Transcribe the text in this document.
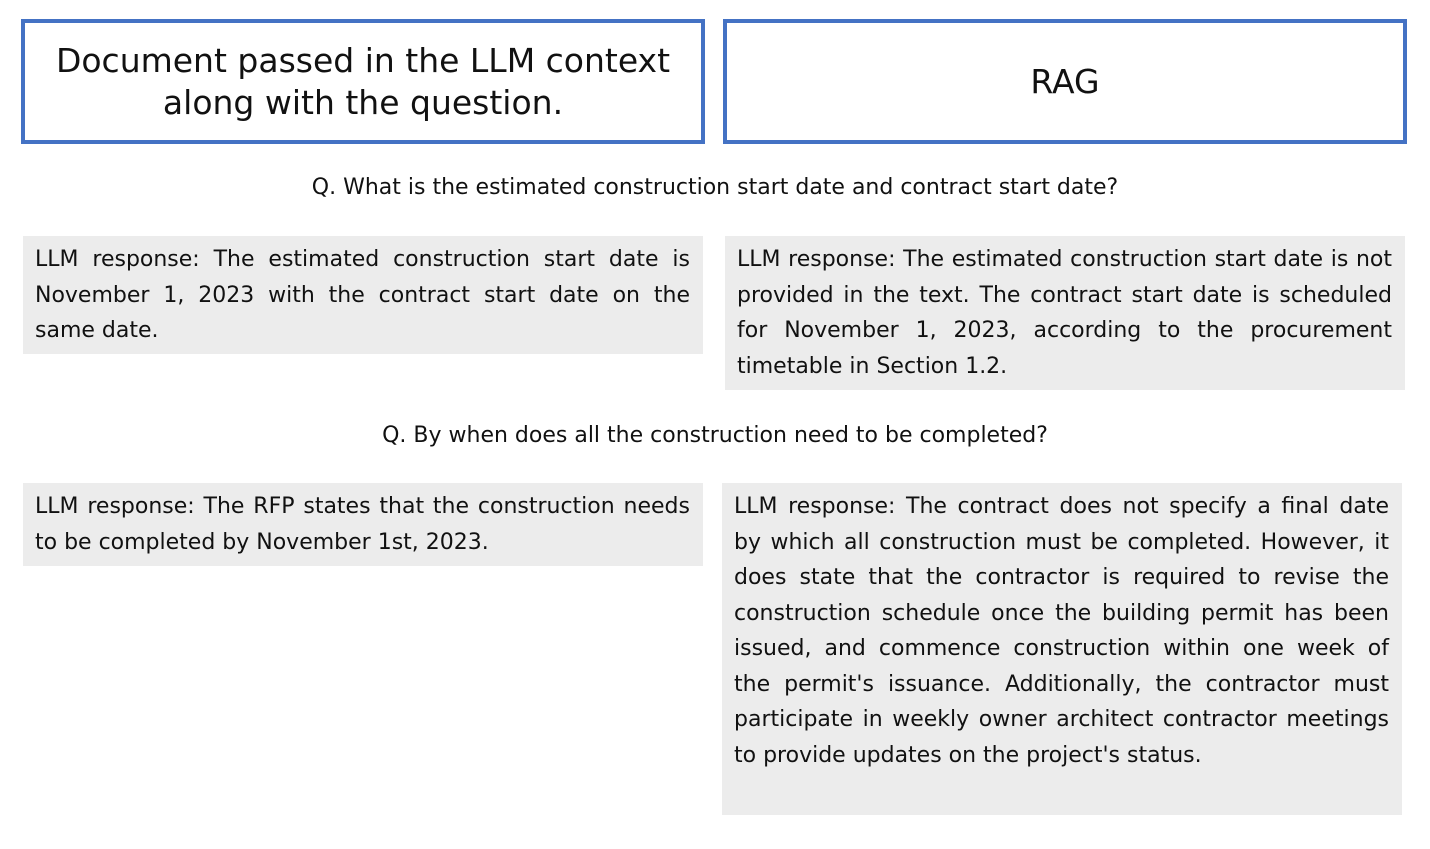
Document passed in the LLM context along with the question.
RAG
Q. What is the estimated construction start date and contract start date?
LLM response: The estimated construction start date is November 1, 2023 with the contract start date on the same date.
LLM response: The estimated construction start date is not provided in the text. The contract start date is scheduled for November 1, 2023, according to the procurement timetable in Section 1.2.
Q. By when does all the construction need to be completed?
LLM response: The RFP states that the construction needs to be completed by November 1st, 2023.
LLM response: The contract does not specify a final date by which all construction must be completed. However, it does state that the contractor is required to revise the construction schedule once the building permit has been issued, and commence construction within one week of the permit's issuance. Additionally, the contractor must participate in weekly owner architect contractor meetings to provide updates on the project's status.
